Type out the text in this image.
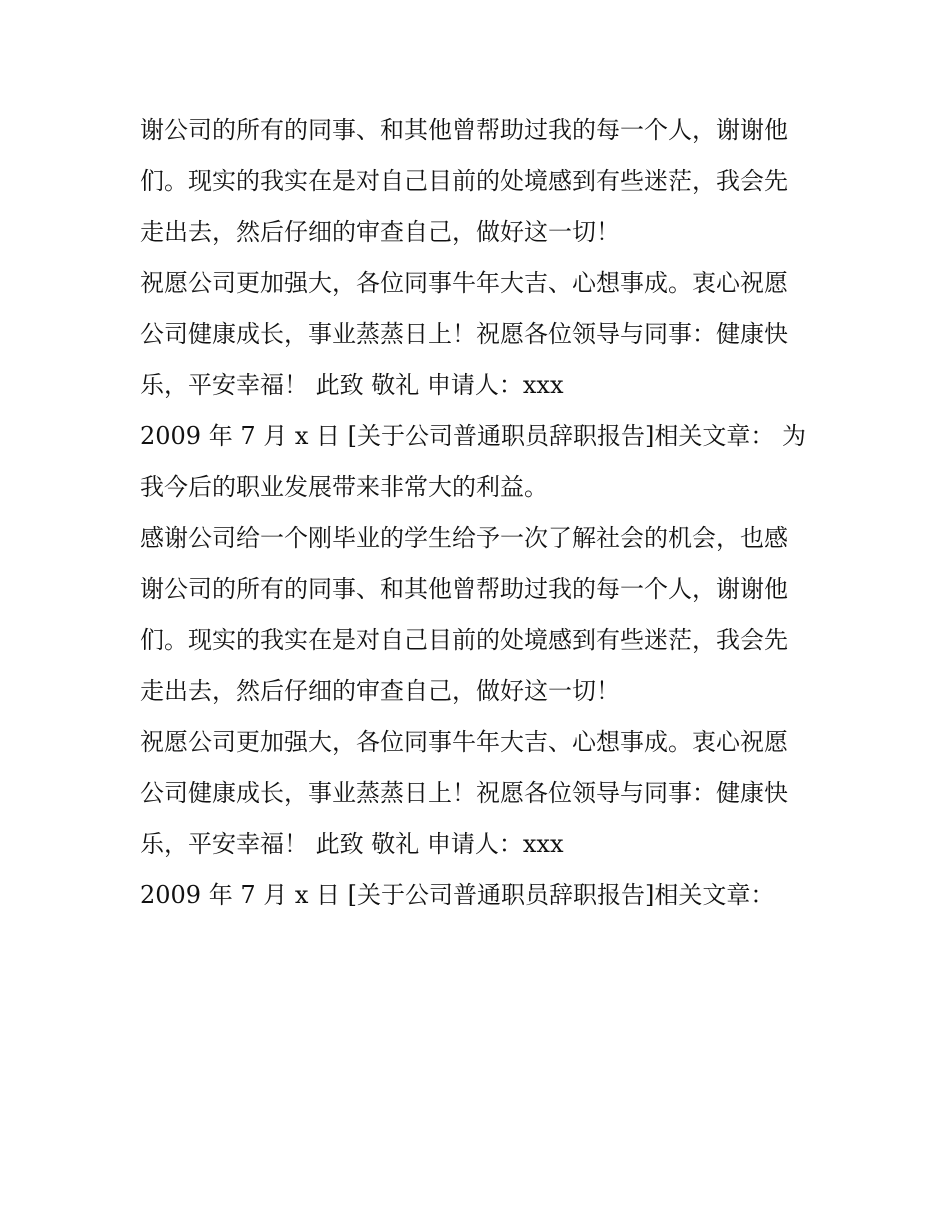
谢公司的所有的同事、和其他曾帮助过我的每一个人，谢谢他
们。现实的我实在是对自己目前的处境感到有些迷茫，我会先
走出去，然后仔细的审查自己，做好这一切！
祝愿公司更加强大，各位同事牛年大吉、心想事成。衷心祝愿
公司健康成长，事业蒸蒸日上！祝愿各位领导与同事：健康快
乐，平安幸福！ 此致 敬礼 申请人：xxx
2009 年 7 月 x 日 [关于公司普通职员辞职报告]相关文章： 为
我今后的职业发展带来非常大的利益。
感谢公司给一个刚毕业的学生给予一次了解社会的机会，也感
谢公司的所有的同事、和其他曾帮助过我的每一个人，谢谢他
们。现实的我实在是对自己目前的处境感到有些迷茫，我会先
走出去，然后仔细的审查自己，做好这一切！
祝愿公司更加强大，各位同事牛年大吉、心想事成。衷心祝愿
公司健康成长，事业蒸蒸日上！祝愿各位领导与同事：健康快
乐，平安幸福！ 此致 敬礼 申请人：xxx
2009 年 7 月 x 日 [关于公司普通职员辞职报告]相关文章：
